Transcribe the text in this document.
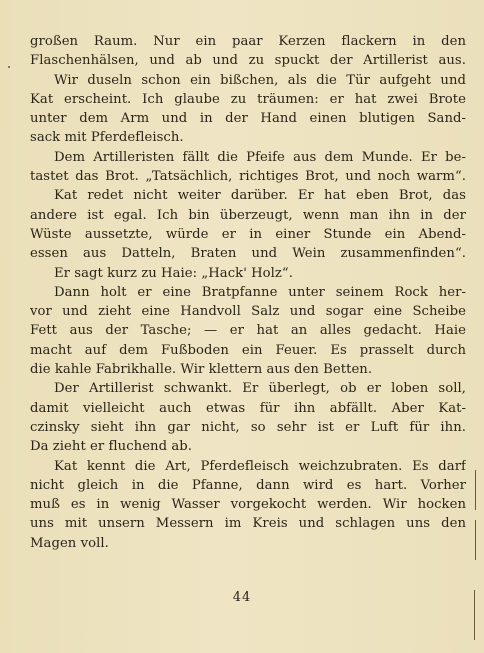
großen Raum. Nur ein paar Kerzen flackern in den
Flaschenhälsen, und ab und zu spuckt der Artillerist aus.
Wir duseln schon ein bißchen, als die Tür aufgeht und
Kat erscheint. Ich glaube zu träumen: er hat zwei Brote
unter dem Arm und in der Hand einen blutigen Sand-
sack mit Pferdefleisch.
Dem Artilleristen fällt die Pfeife aus dem Munde. Er be-
tastet das Brot. „Tatsächlich, richtiges Brot, und noch warm“.
Kat redet nicht weiter darüber. Er hat eben Brot, das
andere ist egal. Ich bin überzeugt, wenn man ihn in der
Wüste aussetzte, würde er in einer Stunde ein Abend-
essen aus Datteln, Braten und Wein zusammenfinden“.
Er sagt kurz zu Haie: „Hack' Holz“.
Dann holt er eine Bratpfanne unter seinem Rock her-
vor und zieht eine Handvoll Salz und sogar eine Scheibe
Fett aus der Tasche; — er hat an alles gedacht. Haie
macht auf dem Fußboden ein Feuer. Es prasselt durch
die kahle Fabrikhalle. Wir klettern aus den Betten.
Der Artillerist schwankt. Er überlegt, ob er loben soll,
damit vielleicht auch etwas für ihn abfällt. Aber Kat-
czinsky sieht ihn gar nicht, so sehr ist er Luft für ihn.
Da zieht er fluchend ab.
Kat kennt die Art, Pferdefleisch weichzubraten. Es darf
nicht gleich in die Pfanne, dann wird es hart. Vorher
muß es in wenig Wasser vorgekocht werden. Wir hocken
uns mit unsern Messern im Kreis und schlagen uns den
Magen voll.
44
